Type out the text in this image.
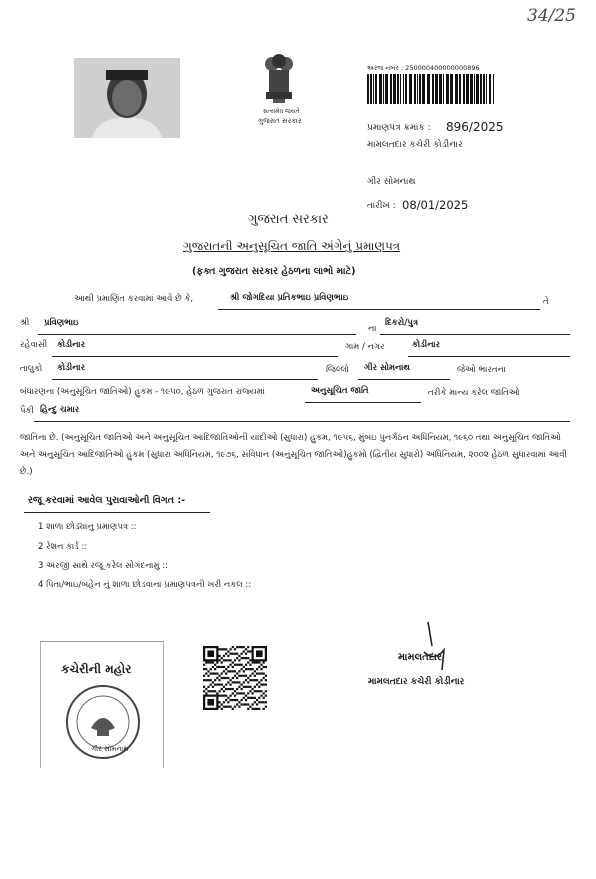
34/25
સત્યમેવ જયતે
ગુજરાત સરકાર
અરજ નંબર : 250000400000000896
પ્રમાણપત્ર ક્રમાંક : 896/2025
મામલતદાર કચેરી કોડીનાર
ગીર સોમનાથ
તારીખ : 08/01/2025
ગુજરાત સરકાર
ગુજરાતની અનુસૂચિત જાતિ અંગેનું પ્રમાણપત્ર
(ફક્ત ગુજરાત સરકાર હેઠળના લાભો માટે)
આથી પ્રમાણિત કરવામાં આવે છે કે,	શ્રી જોગદિયા પ્રતિકભાઇ પ્રવિણભાઇ	તે
શ્રી પ્રવિણભાઇ
ના
દિકરો/પુત્ર
રહેવાસી કોડીનાર	ગામ / નગર	કોડીનાર
તાલુકો કોડીનાર	જિલ્લો ગીર સોમનાથ	જેઓ ભારતના
બંધારણના (અનુસૂચિત જાતિઓ) હુકમ - ૧૯૫૦, હેઠળ ગુજરાત રાજ્યમાં	અનુસૂચિત જાતિ	તરીકે માન્ય કરેલ જાતિઓ
પૈકી હિન્દુ ચમાર
જાતિના છે. (અનુસૂચિત જાતિઓ અને અનુસૂચિત આદિજાતિઓની યાદીઓ (સુધારા) હુકમ, ૧૯૫૬, મુંબઇ પુનર્ગઠન અધિનિયમ, ૧૯૬૦ તથા અનુસૂચિત જાતિઓ અને અનુસૂચિત આદિજાતિઓ હુકમ (સુધારા અધિનિયમ, ૧૯૭૬, સંવિધાન (અનુસૂચિત જાતિઓ)હુકમો (દ્વિતીય સુધારો) અધિનિયમ, ૨૦૦૨ હેઠળ સુધારવામાં આવી છે.)
રજૂ કરવામાં આવેલ પુરાવાઓની વિગત :-
1 શાળા છોડ્યાનુ પ્રમાણપત્ર ::
2 રેશન કાર્ડ ::
3 અરજી સાથે રજૂ કરેલ સોગંદનામું ::
4 પિતા/ભાઇ/બહેન નું શાળા છોડવાનાં પ્રમાણપત્રની ખરી નકલ ::
કચેરીની મહોર
ગીર સોમનાથ
મામલતદાર
મામલતદાર કચેરી કોડીનાર
